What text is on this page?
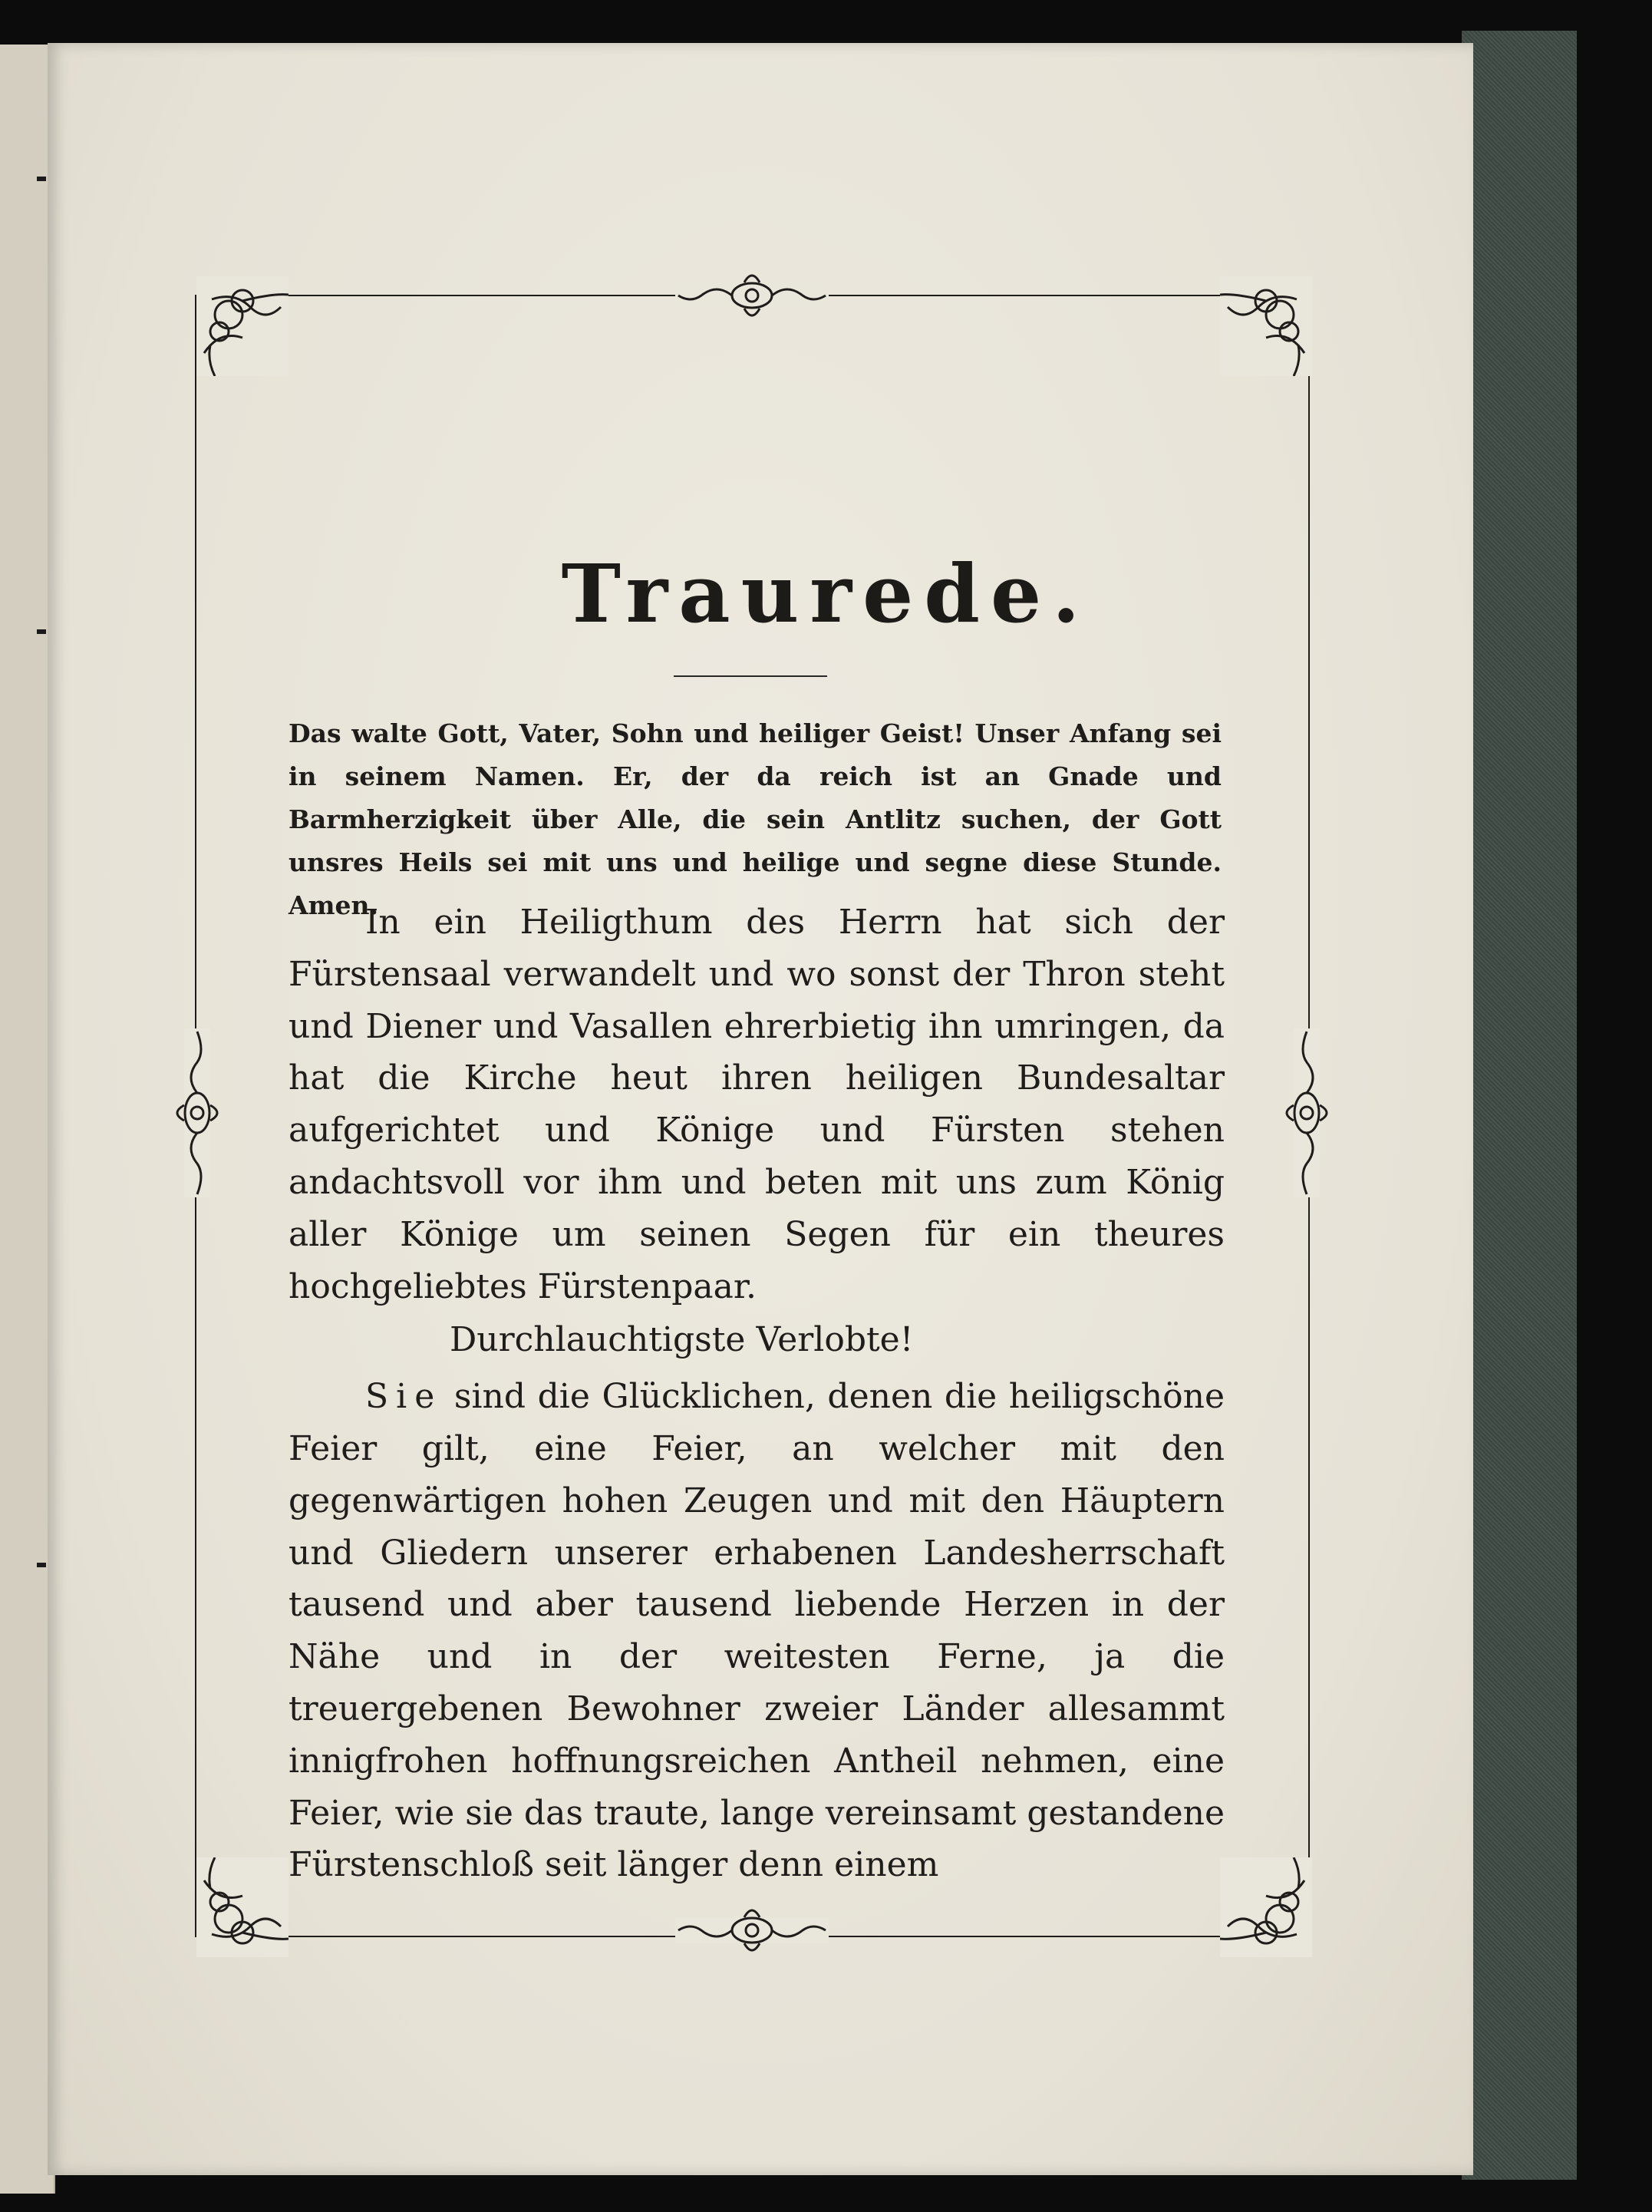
Traurede.
Das walte Gott, Vater, Sohn und heiliger Geist! Unser Anfang sei in seinem Namen. Er, der da reich ist an Gnade und Barmherzigkeit über Alle, die sein Antlitz suchen, der Gott unsres Heils sei mit uns und heilige und segne diese Stunde. Amen.

In ein Heiligthum des Herrn hat sich der Fürstensaal verwandelt und wo sonst der Thron steht und Diener und Vasallen ehrerbietig ihn umringen, da hat die Kirche heut ihren heiligen Bundesaltar aufgerichtet und Könige und Fürsten stehen andachtsvoll vor ihm und beten mit uns zum König aller Könige um seinen Segen für ein theures hochgeliebtes Fürstenpaar.

Durchlauchtigste Verlobte!

Sie sind die Glücklichen, denen die heiligschöne Feier gilt, eine Feier, an welcher mit den gegenwärtigen hohen Zeugen und mit den Häuptern und Gliedern unserer erhabenen Landesherrschaft tausend und aber tausend liebende Herzen in der Nähe und in der weitesten Ferne, ja die treuergebenen Bewohner zweier Länder allesammt innigfrohen hoffnungsreichen Antheil nehmen, eine Feier, wie sie das traute, lange vereinsamt gestandene Fürstenschloß seit länger denn einem
